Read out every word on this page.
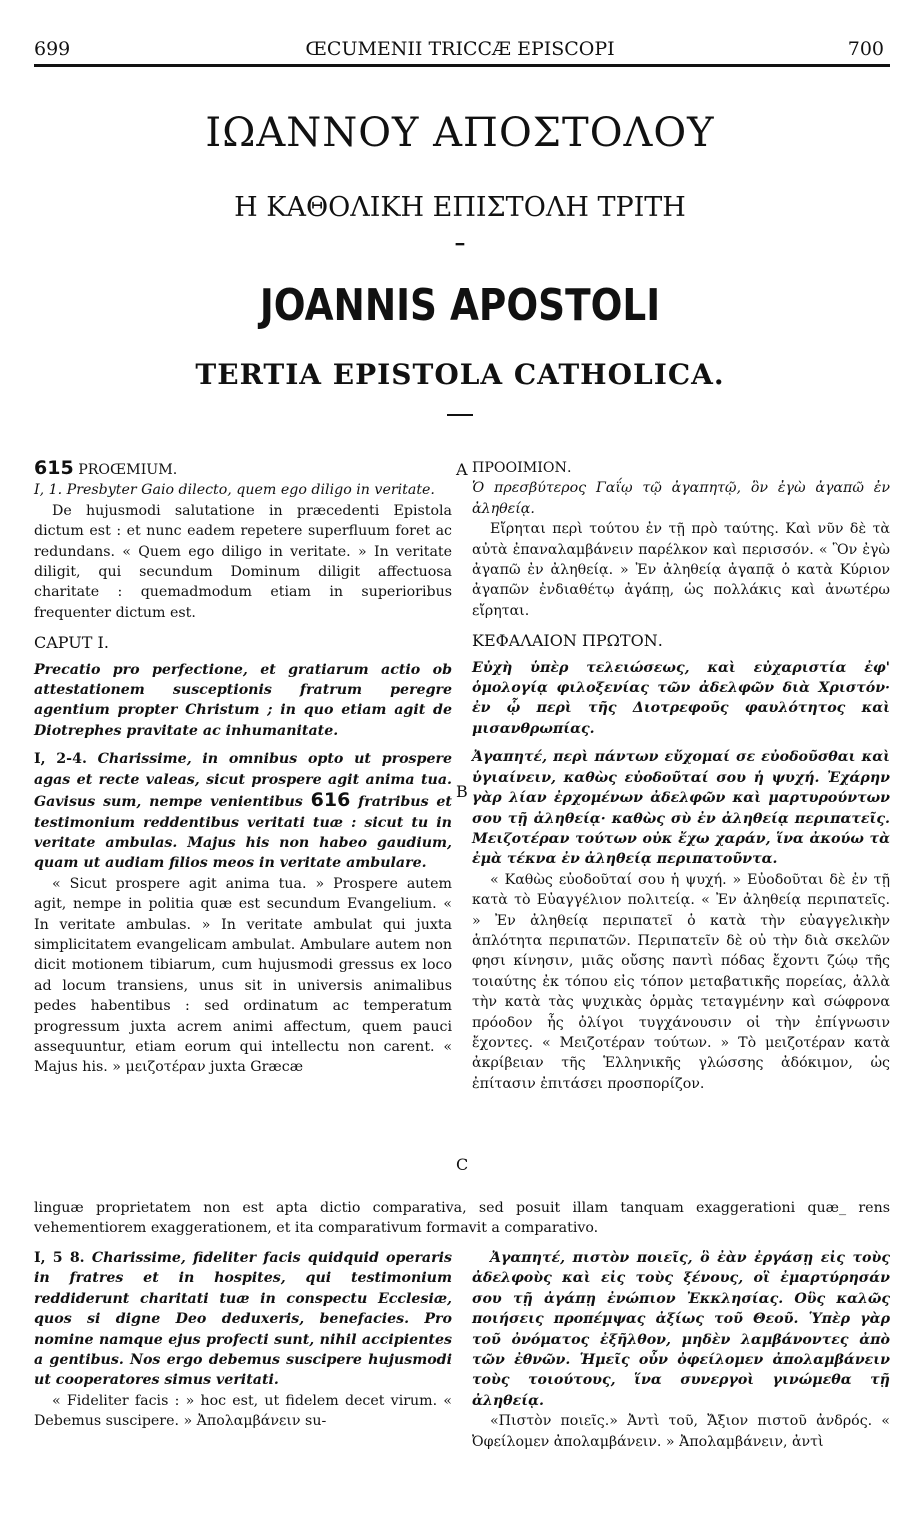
699	ŒCUMENII TRICCÆ EPISCOPI	700
ΙΩΑΝΝΟΥ ΑΠΟΣΤΟΛΟΥ
Η ΚΑΘΟΛΙΚΗ ΕΠΙΣΤΟΛΗ ΤΡΙΤΗ
━
JOANNIS APOSTOLI
TERTIA EPISTOLA CATHOLICA.
A
B
C

615 PROŒMIUM.

I, 1. Presbyter Gaio dilecto, quem ego diligo in veritate.

De hujusmodi salutatione in præcedenti Epistola dictum est : et nunc eadem repetere superfluum foret ac redundans. « Quem ego diligo in veritate. » In veritate diligit, qui secundum Dominum diligit affectuosa charitate : quemadmodum etiam in superioribus frequenter dictum est.

CAPUT I.

Precatio pro perfectione, et gratiarum actio ob attestationem susceptionis fratrum peregre agentium propter Christum ; in quo etiam agit de Diotrephes pravitate ac inhumanitate.

I, 2-4. Charissime, in omnibus opto ut prospere agas et recte valeas, sicut prospere agit anima tua. Gavisus sum, nempe venientibus 616 fratribus et testimonium reddentibus veritati tuæ : sicut tu in veritate ambulas. Majus his non habeo gaudium, quam ut audiam filios meos in veritate ambulare.

« Sicut prospere agit anima tua. » Prospere autem agit, nempe in politia quæ est secundum Evangelium. « In veritate ambulas. » In veritate ambulat qui juxta simplicitatem evangelicam ambulat. Ambulare autem non dicit motionem tibiarum, cum hujusmodi gressus ex loco ad locum transiens, unus sit in universis animalibus pedes habentibus : sed ordinatum ac temperatum progressum juxta acrem animi affectum, quem pauci assequuntur, etiam eorum qui intellectu non carent. « Majus his. » μειζοτέραν juxta Græcæ

ΠΡΟΟΙΜΙΟΝ.

Ὁ πρεσβύτερος Γαΐῳ τῷ ἀγαπητῷ, ὃν ἐγὼ ἀγαπῶ ἐν ἀληθείᾳ.

Εἴρηται περὶ τούτου ἐν τῇ πρὸ ταύτης. Καὶ νῦν δὲ τὰ αὐτὰ ἐπαναλαμβάνειν παρέλκον καὶ περισσόν. « Ὃν ἐγὼ ἀγαπῶ ἐν ἀληθείᾳ. » Ἐν ἀληθείᾳ ἀγαπᾷ ὁ κατὰ Κύριον ἀγαπῶν ἐνδιαθέτῳ ἀγάπῃ, ὡς πολλάκις καὶ ἀνωτέρω εἴρηται.

ΚΕΦΑΛΑΙΟΝ ΠΡΩΤΟΝ.

Εὐχὴ ὑπὲρ τελειώσεως, καὶ εὐχαριστία ἐφ' ὁμολογίᾳ φιλοξενίας τῶν ἀδελφῶν διὰ Χριστόν· ἐν ᾧ περὶ τῆς Διοτρεφοῦς φαυλότητος καὶ μισανθρωπίας.

Ἀγαπητέ, περὶ πάντων εὔχομαί σε εὐοδοῦσθαι καὶ ὑγιαίνειν, καθὼς εὐοδοῦταί σου ἡ ψυχή. Ἐχάρην γὰρ λίαν ἐρχομένων ἀδελφῶν καὶ μαρτυρούντων σου τῇ ἀληθείᾳ· καθὼς σὺ ἐν ἀληθείᾳ περιπατεῖς. Μειζοτέραν τούτων οὐκ ἔχω χαράν, ἵνα ἀκούω τὰ ἐμὰ τέκνα ἐν ἀληθείᾳ περιπατοῦντα.

« Καθὼς εὐοδοῦταί σου ἡ ψυχή. » Εὐοδοῦται δὲ ἐν τῇ κατὰ τὸ Εὐαγγέλιον πολιτείᾳ. « Ἐν ἀληθείᾳ περιπατεῖς. » Ἐν ἀληθείᾳ περιπατεῖ ὁ κατὰ τὴν εὐαγγελικὴν ἁπλότητα περιπατῶν. Περιπατεῖν δὲ οὐ τὴν διὰ σκελῶν φησι κίνησιν, μιᾶς οὔσης παντὶ πόδας ἔχοντι ζώῳ τῆς τοιαύτης ἐκ τόπου εἰς τόπον μεταβατικῆς πορείας, ἀλλὰ τὴν κατὰ τὰς ψυχικὰς ὁρμὰς τεταγμένην καὶ σώφρονα πρόοδον ἧς ὀλίγοι τυγχάνουσιν οἱ τὴν ἐπίγνωσιν ἔχοντες. « Μειζοτέραν τούτων. » Τὸ μειζοτέραν κατὰ ἀκρίβειαν τῆς Ἑλληνικῆς γλώσσης ἀδόκιμον, ὡς ἐπίτασιν ἐπιτάσει προσπορίζον.

linguæ proprietatem non est apta dictio comparativa, sed posuit illam tanquam exaggerationi quæ_ rens vehementiorem exaggerationem, et ita comparativum formavit a comparativo.

I, 5 8. Charissime, fideliter facis quidquid operaris in fratres et in hospites, qui testimonium reddiderunt charitati tuæ in conspectu Ecclesiæ, quos si digne Deo deduxeris, benefacies. Pro nomine namque ejus profecti sunt, nihil accipientes a gentibus. Nos ergo debemus suscipere hujusmodi ut cooperatores simus veritati.

« Fideliter facis : » hoc est, ut fidelem decet virum. « Debemus suscipere. » Ἀπολαμβάνειν su-

Ἀγαπητέ, πιστὸν ποιεῖς, ὃ ἐὰν ἐργάσῃ εἰς τοὺς ἀδελφοὺς καὶ εἰς τοὺς ξένους, οἳ ἐμαρτύρησάν σου τῇ ἀγάπῃ ἐνώπιον Ἐκκλησίας. Οὓς καλῶς ποιήσεις προπέμψας ἀξίως τοῦ Θεοῦ. Ὑπὲρ γὰρ τοῦ ὀνόματος ἐξῆλθον, μηδὲν λαμβάνοντες ἀπὸ τῶν ἐθνῶν. Ἡμεῖς οὖν ὀφείλομεν ἀπολαμβάνειν τοὺς τοιούτους, ἵνα συνεργοὶ γινώμεθα τῇ ἀληθείᾳ.

«Πιστὸν ποιεῖς.» Ἀντὶ τοῦ, Ἄξιον πιστοῦ ἀνδρός. « Ὀφείλομεν ἀπολαμβάνειν. » Ἀπολαμβάνειν, ἀντὶ
